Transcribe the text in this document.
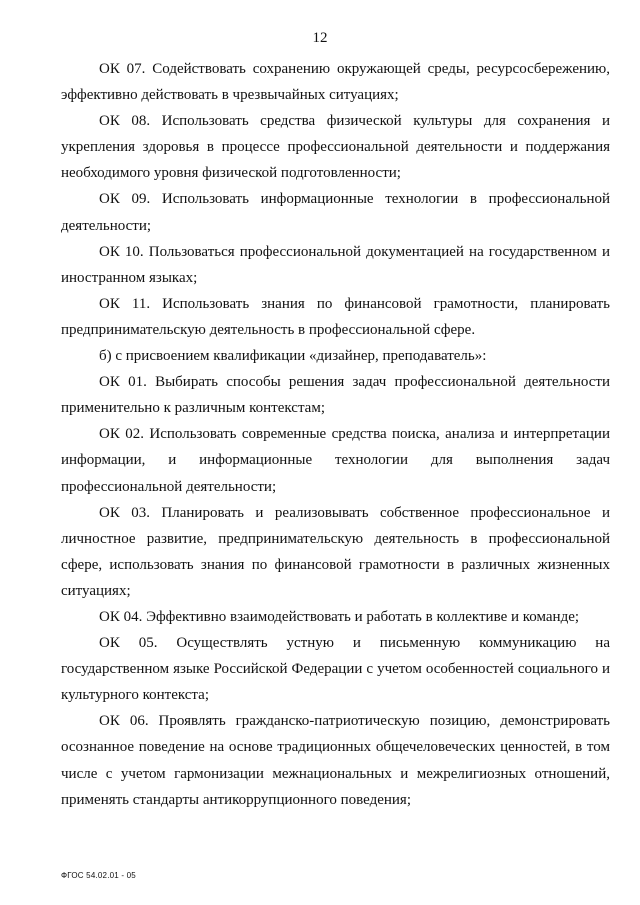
12

ОК 07. Содействовать сохранению окружающей среды, ресурсосбережению, эффективно действовать в чрезвычайных ситуациях;

ОК 08. Использовать средства физической культуры для сохранения и укрепления здоровья в процессе профессиональной деятельности и поддержания необходимого уровня физической подготовленности;

ОК 09. Использовать информационные технологии в профессиональной деятельности;

ОК 10. Пользоваться профессиональной документацией на государственном и иностранном языках;

ОК 11. Использовать знания по финансовой грамотности, планировать предпринимательскую деятельность в профессиональной сфере.

б) с присвоением квалификации «дизайнер, преподаватель»:

ОК 01. Выбирать способы решения задач профессиональной деятельности применительно к различным контекстам;

ОК 02. Использовать современные средства поиска, анализа и интерпретации информации, и информационные технологии для выполнения задач профессиональной деятельности;

ОК 03. Планировать и реализовывать собственное профессиональное и личностное развитие, предпринимательскую деятельность в профессиональной сфере, использовать знания по финансовой грамотности в различных жизненных ситуациях;

ОК 04. Эффективно взаимодействовать и работать в коллективе и команде;

ОК 05. Осуществлять устную и письменную коммуникацию на государственном языке Российской Федерации с учетом особенностей социального и культурного контекста;

ОК 06. Проявлять гражданско-патриотическую позицию, демонстрировать осознанное поведение на основе традиционных общечеловеческих ценностей, в том числе с учетом гармонизации межнациональных и межрелигиозных отношений, применять стандарты антикоррупционного поведения;

ФГОС 54.02.01 - 05
